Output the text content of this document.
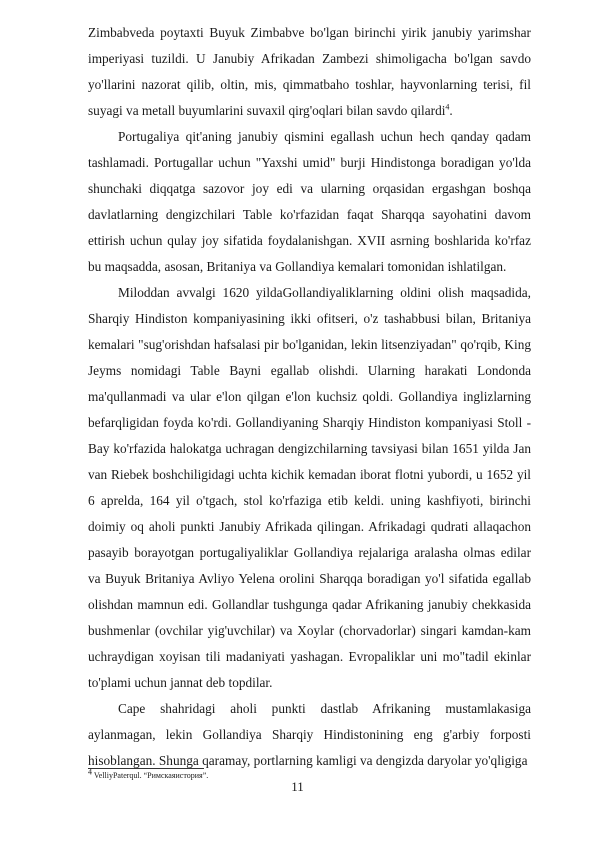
Zimbabveda poytaxti Buyuk Zimbabve bo'lgan birinchi yirik janubiy yarimshar imperiyasi tuzildi. U Janubiy Afrikadan Zambezi shimoligacha bo'lgan savdo yo'llarini nazorat qilib, oltin, mis, qimmatbaho toshlar, hayvonlarning terisi, fil suyagi va metall buyumlarini suvaxil qirg'oqlari bilan savdo qilardi$^4$.

Portugaliya qit'aning janubiy qismini egallash uchun hech qanday qadam tashlamadi. Portugallar uchun "Yaxshi umid" burji Hindistonga boradigan yo'lda shunchaki diqqatga sazovor joy edi va ularning orqasidan ergashgan boshqa davlatlarning dengizchilari Table ko'rfazidan faqat Sharqqa sayohatini davom ettirish uchun qulay joy sifatida foydalanishgan. XVII asrning boshlarida ko'rfaz bu maqsadda, asosan, Britaniya va Gollandiya kemalari tomonidan ishlatilgan.

Miloddan avvalgi 1620 yildaGollandiyaliklarning oldini olish maqsadida, Sharqiy Hindiston kompaniyasining ikki ofitseri, o'z tashabbusi bilan, Britaniya kemalari "sug'orishdan hafsalasi pir bo'lganidan, lekin litsenziyadan" qo'rqib, King Jeyms nomidagi Table Bayni egallab olishdi. Ularning harakati Londonda ma'qullanmadi va ular e'lon qilgan e'lon kuchsiz qoldi. Gollandiya inglizlarning befarqligidan foyda ko'rdi. Gollandiyaning Sharqiy Hindiston kompaniyasi Stoll - Bay ko'rfazida halokatga uchragan dengizchilarning tavsiyasi bilan 1651 yilda Jan van Riebek boshchiligidagi uchta kichik kemadan iborat flotni yubordi, u 1652 yil 6 aprelda, 164 yil o'tgach, stol ko'rfaziga etib keldi. uning kashfiyoti, birinchi doimiy oq aholi punkti Janubiy Afrikada qilingan. Afrikadagi qudrati allaqachon pasayib borayotgan portugaliyaliklar Gollandiya rejalariga aralasha olmas edilar va Buyuk Britaniya Avliyo Yelena orolini Sharqqa boradigan yo'l sifatida egallab olishdan mamnun edi. Gollandlar tushgunga qadar Afrikaning janubiy chekkasida bushmenlar (ovchilar yig'uvchilar) va Xoylar (chorvadorlar) singari kamdan-kam uchraydigan xoyisan tili madaniyati yashagan. Evropaliklar uni mo"tadil ekinlar to'plami uchun jannat deb topdilar.

Cape shahridagi aholi punkti dastlab Afrikaning mustamlakasiga aylanmagan, lekin Gollandiya Sharqiy Hindistonining eng g'arbiy forposti hisoblangan. Shunga qaramay, portlarning kamligi va dengizda daryolar yo'qligiga

$^4$ VelliyPaterqul. “Римскаяистория”.
11
